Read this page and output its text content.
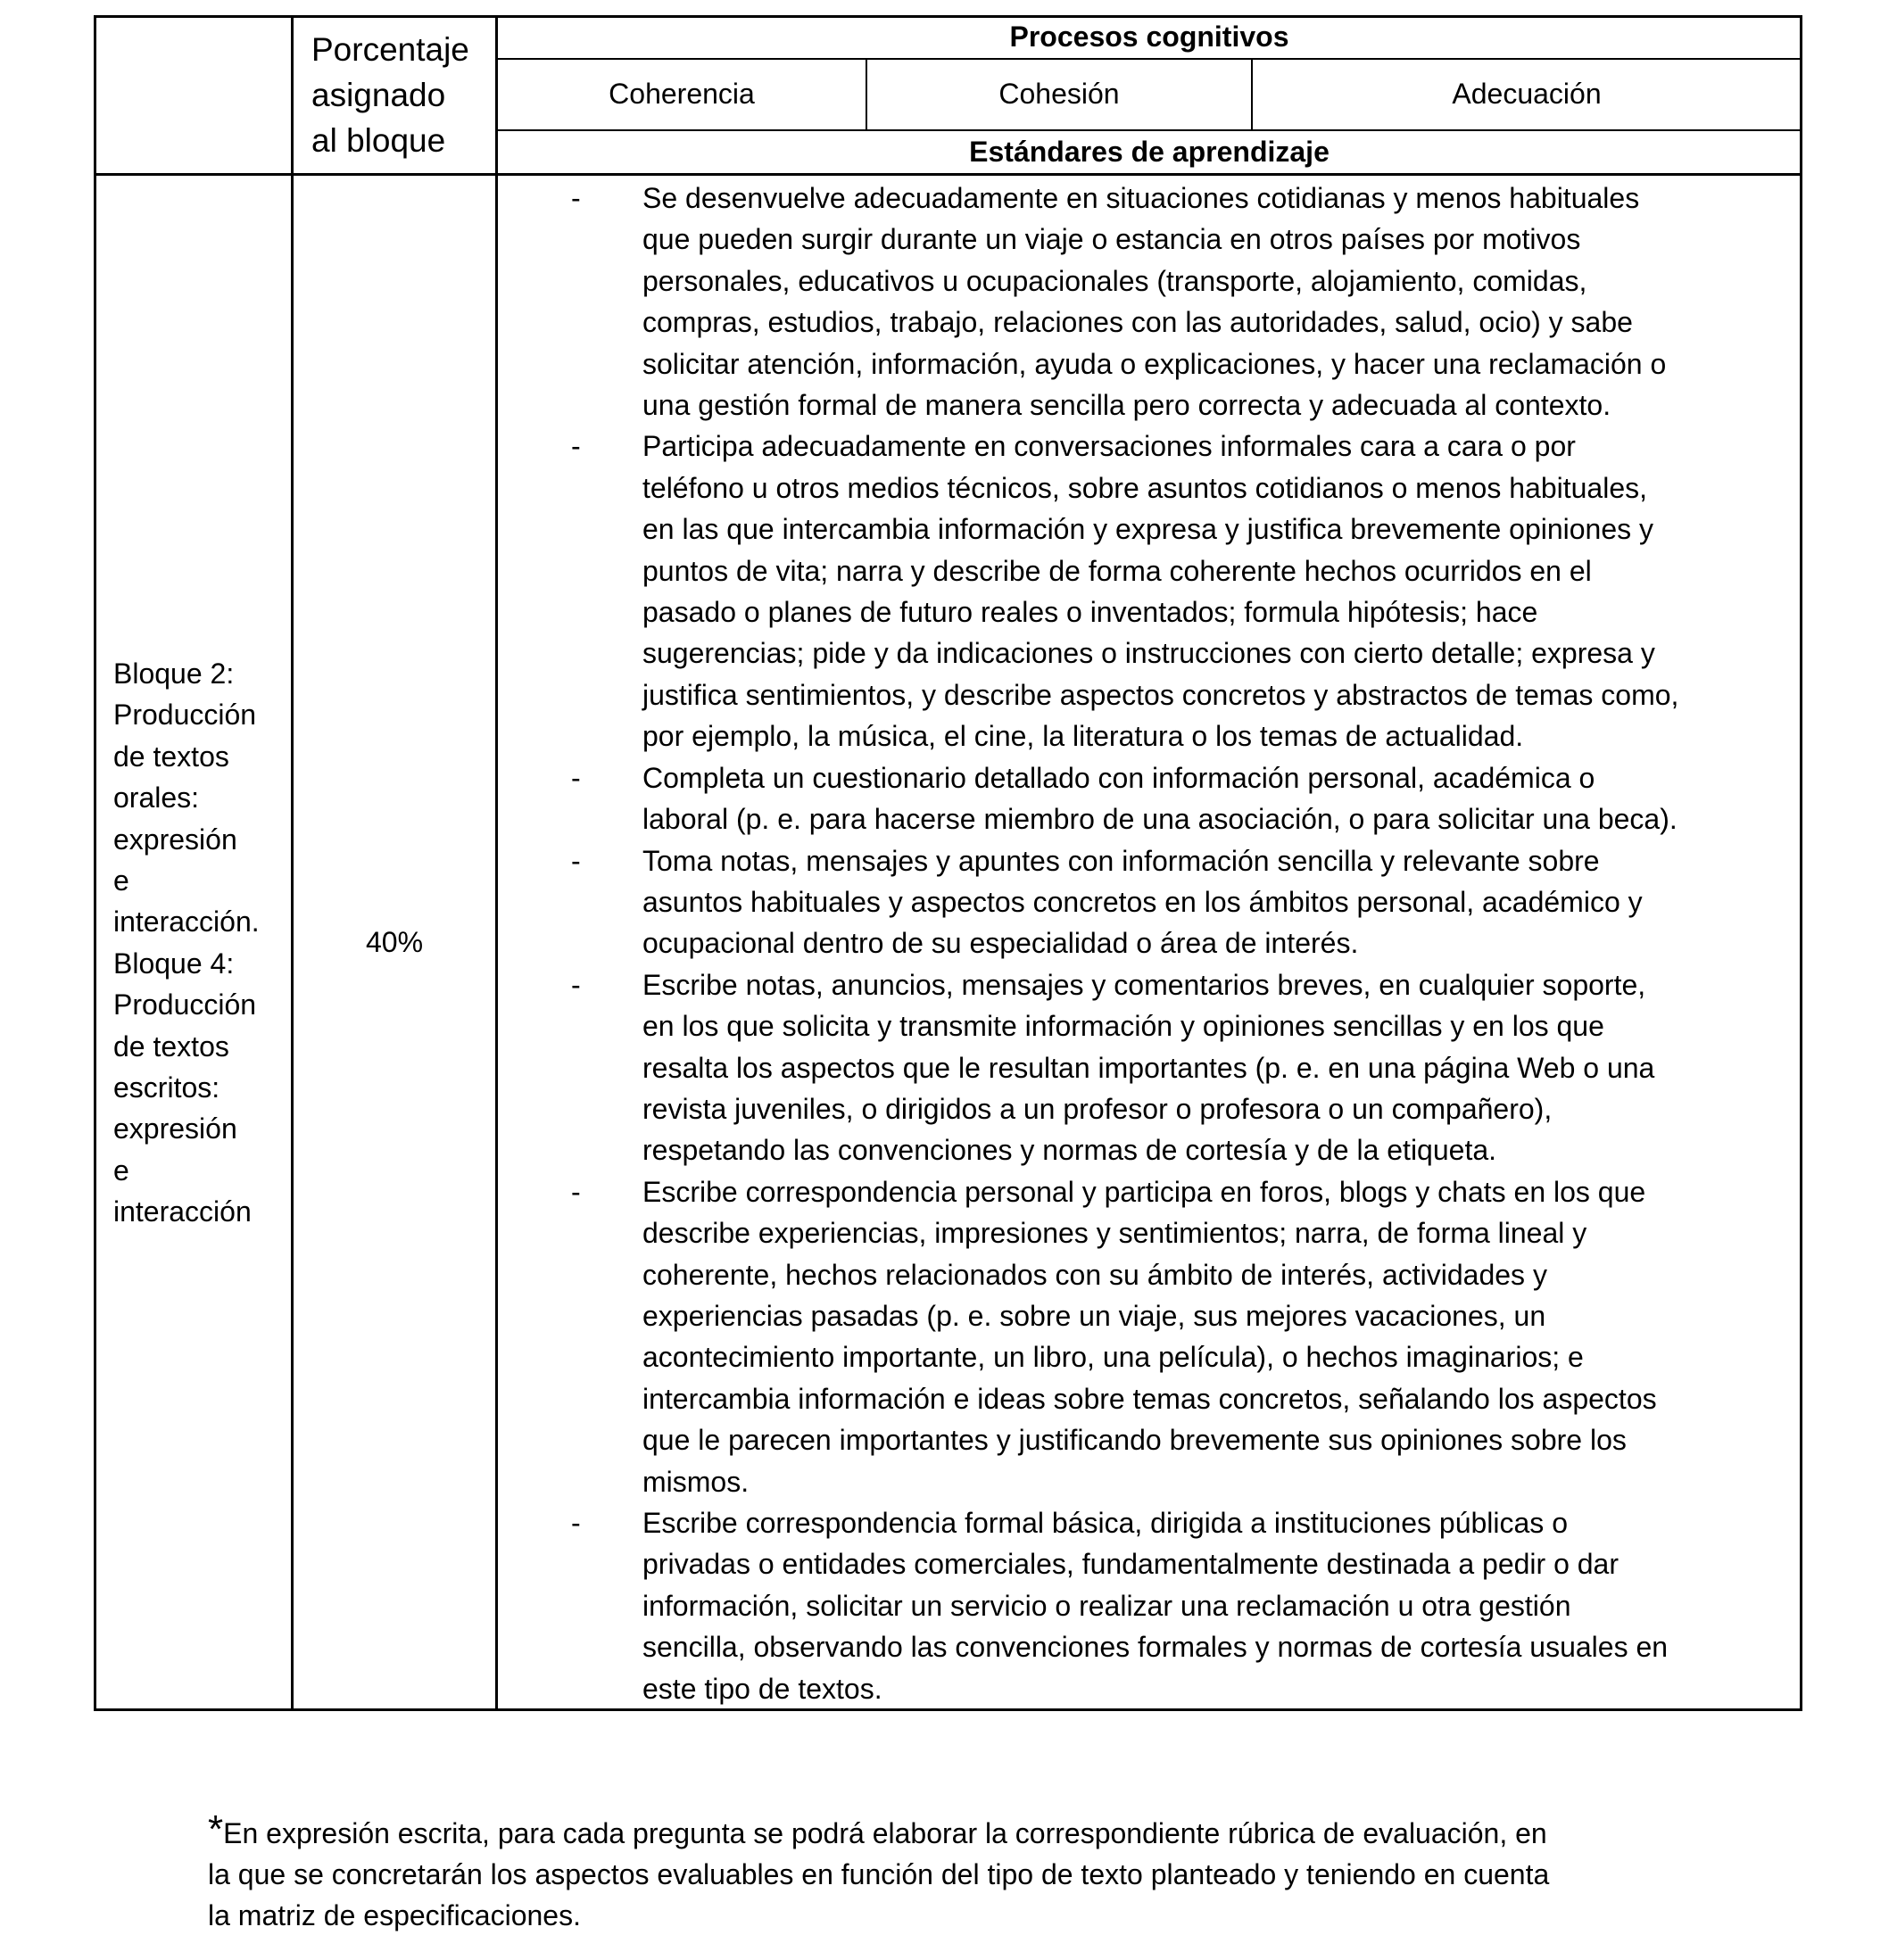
Porcentaje
asignado
al bloque
Procesos cognitivos
Coherencia	Cohesión	Adecuación
Estándares de aprendizaje
Bloque 2:
Producción
de textos
orales:
expresión
e
interacción.
Bloque 4:
Producción
de textos
escritos:
expresión
e
interacción
40%
- Se desenvuelve adecuadamente en situaciones cotidianas y menos habituales
que pueden surgir durante un viaje o estancia en otros países por motivos
personales, educativos u ocupacionales (transporte, alojamiento, comidas,
compras, estudios, trabajo, relaciones con las autoridades, salud, ocio) y sabe
solicitar atención, información, ayuda o explicaciones, y hacer una reclamación o
una gestión formal de manera sencilla pero correcta y adecuada al contexto.
- Participa adecuadamente en conversaciones informales cara a cara o por
teléfono u otros medios técnicos, sobre asuntos cotidianos o menos habituales,
en las que intercambia información y expresa y justifica brevemente opiniones y
puntos de vita; narra y describe de forma coherente hechos ocurridos en el
pasado o planes de futuro reales o inventados; formula hipótesis; hace
sugerencias; pide y da indicaciones o instrucciones con cierto detalle; expresa y
justifica sentimientos, y describe aspectos concretos y abstractos de temas como,
por ejemplo, la música, el cine, la literatura o los temas de actualidad.
- Completa un cuestionario detallado con información personal, académica o
laboral (p. e. para hacerse miembro de una asociación, o para solicitar una beca).
- Toma notas, mensajes y apuntes con información sencilla y relevante sobre
asuntos habituales y aspectos concretos en los ámbitos personal, académico y
ocupacional dentro de su especialidad o área de interés.
- Escribe notas, anuncios, mensajes y comentarios breves, en cualquier soporte,
en los que solicita y transmite información y opiniones sencillas y en los que
resalta los aspectos que le resultan importantes (p. e. en una página Web o una
revista juveniles, o dirigidos a un profesor o profesora o un compañero),
respetando las convenciones y normas de cortesía y de la etiqueta.
- Escribe correspondencia personal y participa en foros, blogs y chats en los que
describe experiencias, impresiones y sentimientos; narra, de forma lineal y
coherente, hechos relacionados con su ámbito de interés, actividades y
experiencias pasadas (p. e. sobre un viaje, sus mejores vacaciones, un
acontecimiento importante, un libro, una película), o hechos imaginarios; e
intercambia información e ideas sobre temas concretos, señalando los aspectos
que le parecen importantes y justificando brevemente sus opiniones sobre los
mismos.
- Escribe correspondencia formal básica, dirigida a instituciones públicas o
privadas o entidades comerciales, fundamentalmente destinada a pedir o dar
información, solicitar un servicio o realizar una reclamación u otra gestión
sencilla, observando las convenciones formales y normas de cortesía usuales en
este tipo de textos.
*En expresión escrita, para cada pregunta se podrá elaborar la correspondiente rúbrica de evaluación, en
la que se concretarán los aspectos evaluables en función del tipo de texto planteado y teniendo en cuenta
la matriz de especificaciones.
